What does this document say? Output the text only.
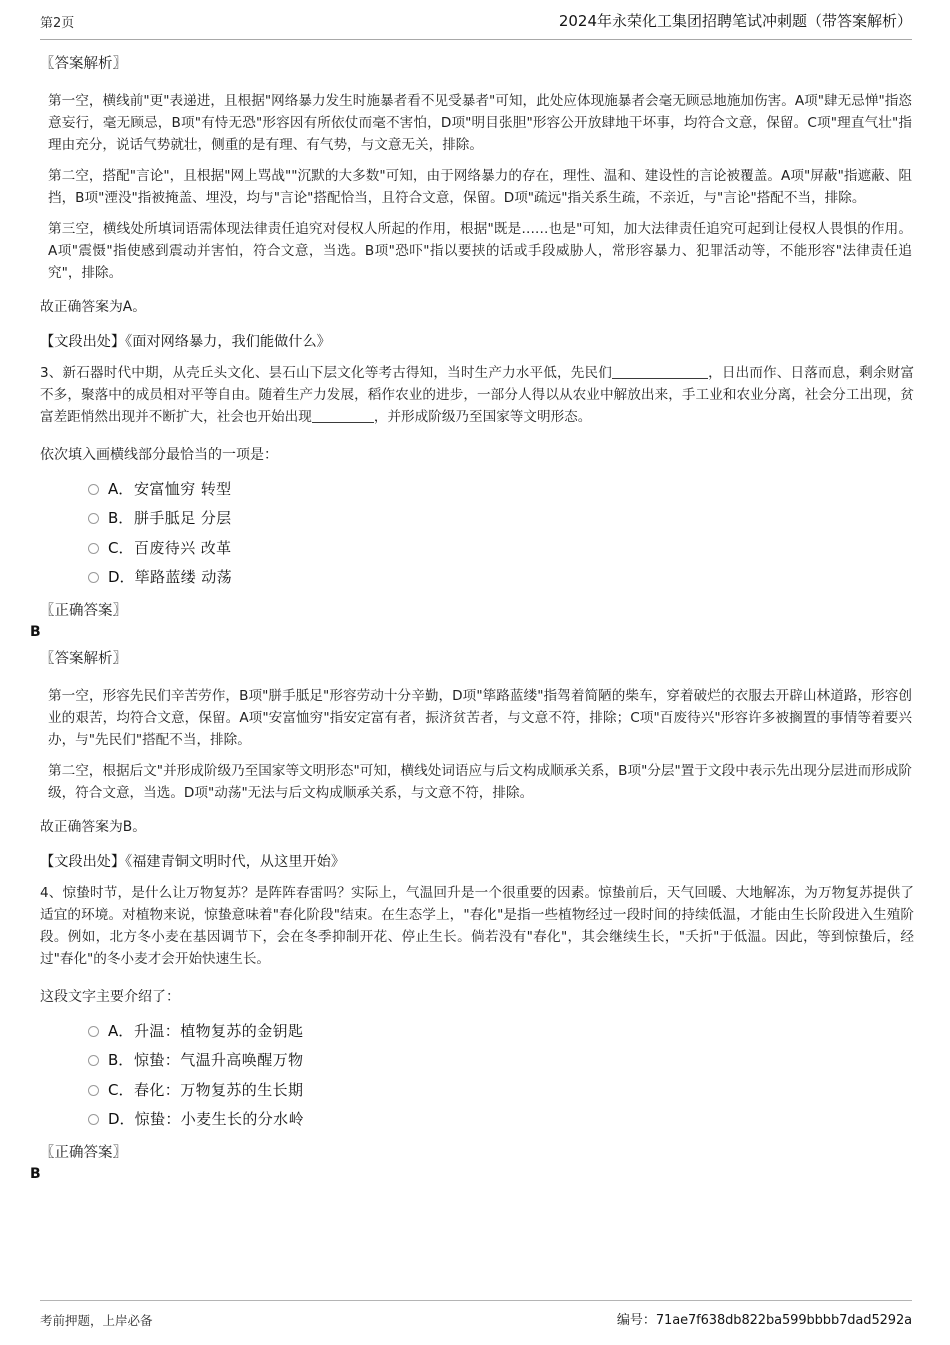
第2页	2024年永荣化工集团招聘笔试冲刺题（带答案解析）
〖答案解析〗

第一空，横线前"更"表递进，且根据"网络暴力发生时施暴者看不见受暴者"可知，此处应体现施暴者会毫无顾忌地施加伤害。A项"肆无忌惮"指恣意妄行，毫无顾忌，B项"有恃无恐"形容因有所依仗而毫不害怕，D项"明目张胆"形容公开放肆地干坏事，均符合文意，保留。C项"理直气壮"指理由充分，说话气势就壮，侧重的是有理、有气势，与文意无关，排除。

第二空，搭配"言论"，且根据"网上骂战""沉默的大多数"可知，由于网络暴力的存在，理性、温和、建设性的言论被覆盖。A项"屏蔽"指遮蔽、阻挡，B项"湮没"指被掩盖、埋没，均与"言论"搭配恰当，且符合文意，保留。D项"疏远"指关系生疏，不亲近，与"言论"搭配不当，排除。

第三空，横线处所填词语需体现法律责任追究对侵权人所起的作用，根据"既是……也是"可知，加大法律责任追究可起到让侵权人畏惧的作用。A项"震慑"指使感到震动并害怕，符合文意，当选。B项"恐吓"指以要挟的话或手段威胁人，常形容暴力、犯罪活动等，不能形容"法律责任追究"，排除。

故正确答案为A。

【文段出处】《面对网络暴力，我们能做什么》

3、新石器时代中期，从壳丘头文化、昙石山下层文化等考古得知，当时生产力水平低，先民们	，日出而作、日落而息，剩余财富不多，聚落中的成员相对平等自由。随着生产力发展，稻作农业的进步，一部分人得以从农业中解放出来，手工业和农业分离，社会分工出现，贫富差距悄然出现并不断扩大，社会也开始出现	，并形成阶级乃至国家等文明形态。

依次填入画横线部分最恰当的一项是：

A． 安富恤穷 转型
B． 胼手胝足 分层
C． 百废待兴 改革
D． 筚路蓝缕 动荡
〖正确答案〗
B
〖答案解析〗

第一空，形容先民们辛苦劳作，B项"胼手胝足"形容劳动十分辛勤，D项"筚路蓝缕"指驾着简陋的柴车，穿着破烂的衣服去开辟山林道路，形容创业的艰苦，均符合文意，保留。A项"安富恤穷"指安定富有者，振济贫苦者，与文意不符，排除；C项"百废待兴"形容许多被搁置的事情等着要兴办，与"先民们"搭配不当，排除。

第二空，根据后文"并形成阶级乃至国家等文明形态"可知，横线处词语应与后文构成顺承关系，B项"分层"置于文段中表示先出现分层进而形成阶级，符合文意，当选。D项"动荡"无法与后文构成顺承关系，与文意不符，排除。

故正确答案为B。

【文段出处】《福建青铜文明时代，从这里开始》

4、惊蛰时节，是什么让万物复苏？是阵阵春雷吗？实际上，气温回升是一个很重要的因素。惊蛰前后，天气回暖、大地解冻，为万物复苏提供了适宜的环境。对植物来说，惊蛰意味着"春化阶段"结束。在生态学上，"春化"是指一些植物经过一段时间的持续低温，才能由生长阶段进入生殖阶段。例如，北方冬小麦在基因调节下，会在冬季抑制开花、停止生长。倘若没有"春化"，其会继续生长，"夭折"于低温。因此，等到惊蛰后，经过"春化"的冬小麦才会开始快速生长。

这段文字主要介绍了：

A． 升温：植物复苏的金钥匙
B． 惊蛰：气温升高唤醒万物
C． 春化：万物复苏的生长期
D． 惊蛰：小麦生长的分水岭
〖正确答案〗
B
考前押题，上岸必备	编号：71ae7f638db822ba599bbbb7dad5292a
